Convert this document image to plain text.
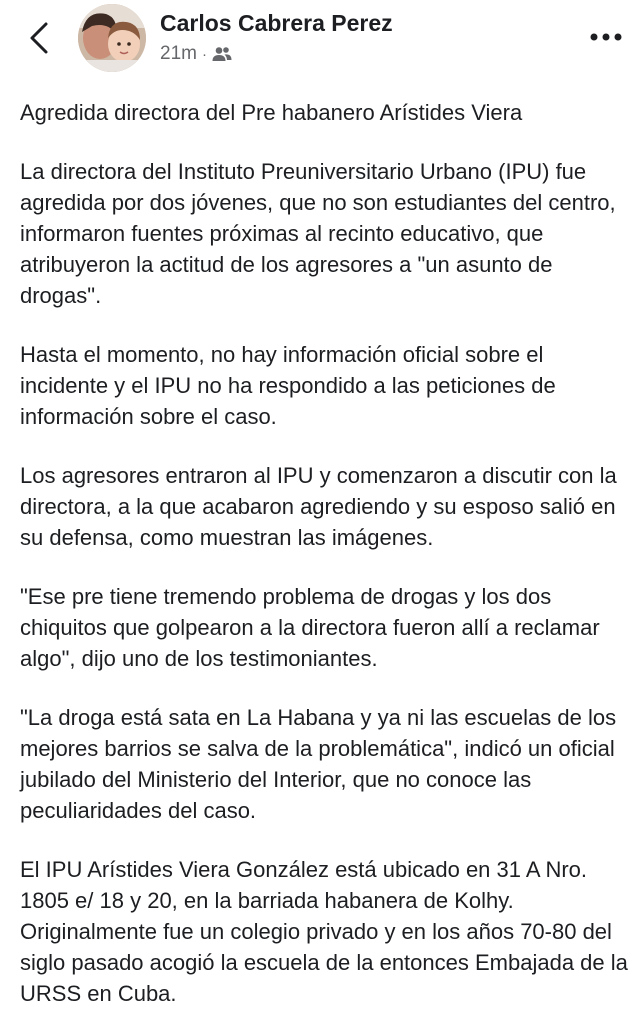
Carlos Cabrera Perez
21m ·

Agredida directora del Pre habanero Arístides Viera

La directora del Instituto Preuniversitario Urbano (IPU) fue agredida por dos jóvenes, que no son estudiantes del centro, informaron fuentes próximas al recinto educativo, que atribuyeron la actitud de los agresores a "un asunto de drogas".

Hasta el momento, no hay información oficial sobre el incidente y el IPU no ha respondido a las peticiones de información sobre el caso.

Los agresores entraron al IPU y comenzaron a discutir con la directora, a la que acabaron agrediendo y su esposo salió en su defensa, como muestran las imágenes.

"Ese pre tiene tremendo problema de drogas y los dos chiquitos que golpearon a la directora fueron allí a reclamar algo", dijo uno de los testimoniantes.

"La droga está sata en La Habana y ya ni las escuelas de los mejores barrios se salva de la problemática", indicó un oficial jubilado del Ministerio del Interior, que no conoce las peculiaridades del caso.

El IPU Arístides Viera González está ubicado en 31 A Nro. 1805 e/ 18 y 20, en la barriada habanera de Kolhy. Originalmente fue un colegio privado y en los años 70-80 del siglo pasado acogió la escuela de la entonces Embajada de la URSS en Cuba.
